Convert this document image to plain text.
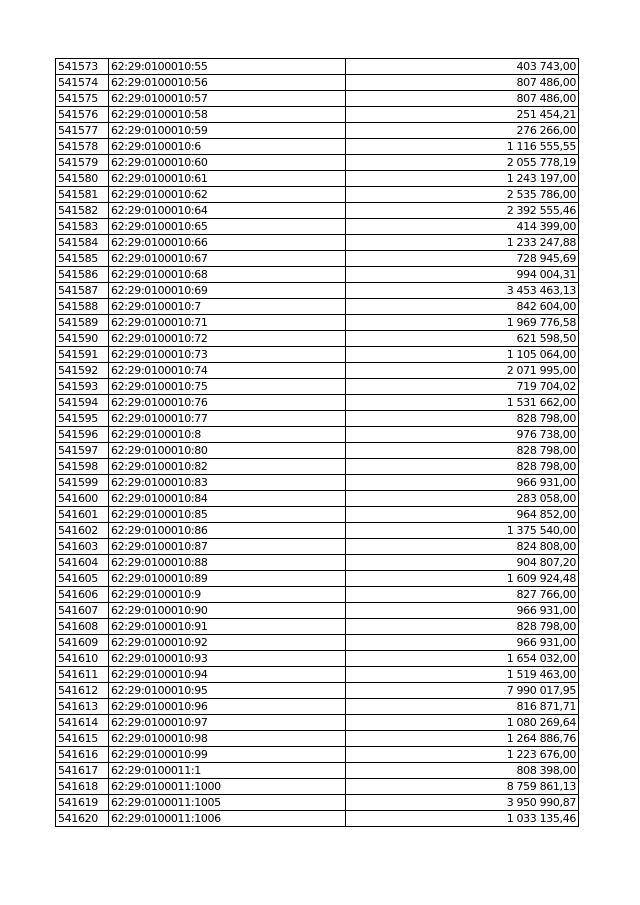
541573	62:29:0100010:55	403 743,00
541574	62:29:0100010:56	807 486,00
541575	62:29:0100010:57	807 486,00
541576	62:29:0100010:58	251 454,21
541577	62:29:0100010:59	276 266,00
541578	62:29:0100010:6	1 116 555,55
541579	62:29:0100010:60	2 055 778,19
541580	62:29:0100010:61	1 243 197,00
541581	62:29:0100010:62	2 535 786,00
541582	62:29:0100010:64	2 392 555,46
541583	62:29:0100010:65	414 399,00
541584	62:29:0100010:66	1 233 247,88
541585	62:29:0100010:67	728 945,69
541586	62:29:0100010:68	994 004,31
541587	62:29:0100010:69	3 453 463,13
541588	62:29:0100010:7	842 604,00
541589	62:29:0100010:71	1 969 776,58
541590	62:29:0100010:72	621 598,50
541591	62:29:0100010:73	1 105 064,00
541592	62:29:0100010:74	2 071 995,00
541593	62:29:0100010:75	719 704,02
541594	62:29:0100010:76	1 531 662,00
541595	62:29:0100010:77	828 798,00
541596	62:29:0100010:8	976 738,00
541597	62:29:0100010:80	828 798,00
541598	62:29:0100010:82	828 798,00
541599	62:29:0100010:83	966 931,00
541600	62:29:0100010:84	283 058,00
541601	62:29:0100010:85	964 852,00
541602	62:29:0100010:86	1 375 540,00
541603	62:29:0100010:87	824 808,00
541604	62:29:0100010:88	904 807,20
541605	62:29:0100010:89	1 609 924,48
541606	62:29:0100010:9	827 766,00
541607	62:29:0100010:90	966 931,00
541608	62:29:0100010:91	828 798,00
541609	62:29:0100010:92	966 931,00
541610	62:29:0100010:93	1 654 032,00
541611	62:29:0100010:94	1 519 463,00
541612	62:29:0100010:95	7 990 017,95
541613	62:29:0100010:96	816 871,71
541614	62:29:0100010:97	1 080 269,64
541615	62:29:0100010:98	1 264 886,76
541616	62:29:0100010:99	1 223 676,00
541617	62:29:0100011:1	808 398,00
541618	62:29:0100011:1000	8 759 861,13
541619	62:29:0100011:1005	3 950 990,87
541620	62:29:0100011:1006	1 033 135,46
